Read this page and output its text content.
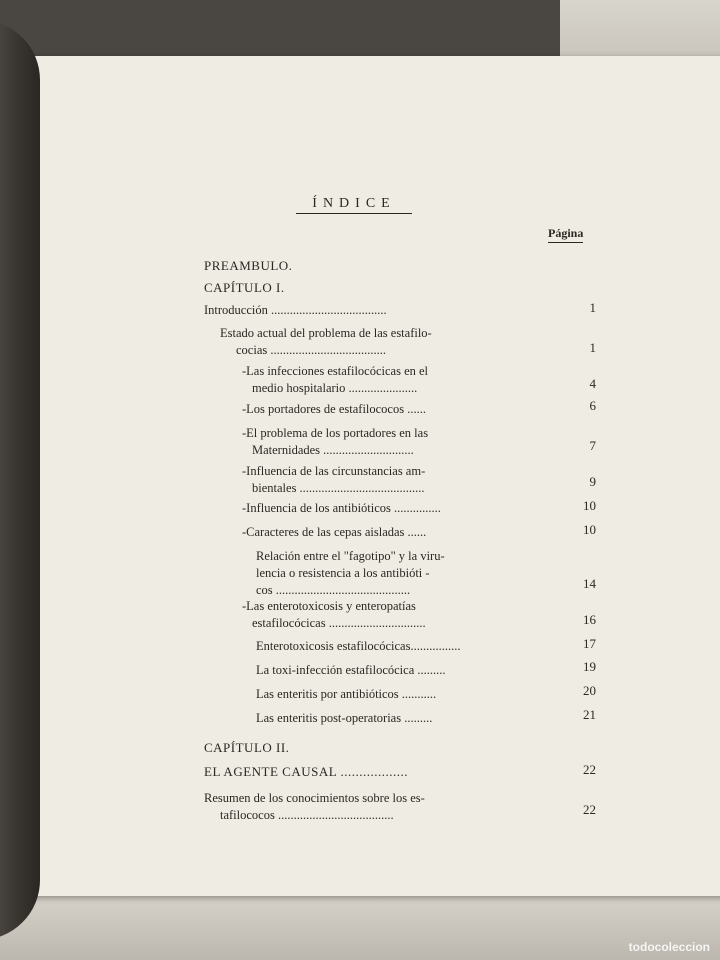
ÍNDICE
Página
PREAMBULO.
CAPÍTULO I.
Introducción .....................................	1
Estado actual del problema de las estafilo-
cocias .....................................	1
-Las infecciones estafilocócicas en el
medio hospitalario ......................	4
-Los portadores de estafilococos ......	6
-El problema de los portadores en las
Maternidades .............................	7
-Influencia de las circunstancias am-
bientales ........................................	9
-Influencia de los antibióticos ...............	10
-Caracteres de las cepas aisladas ......	10
Relación entre el "fagotipo" y la viru-
lencia o resistencia a los antibióti -
cos ...........................................	14
-Las enterotoxicosis y enteropatías
estafilocócicas ...............................	16
Enterotoxicosis estafilocócicas................	17
La toxi-infección estafilocócica .........	19
Las enteritis por antibióticos ...........	20
Las enteritis post-operatorias .........	21
CAPÍTULO II.
EL AGENTE CAUSAL ..................	22
Resumen de los conocimientos sobre los es-
tafilococos .....................................	22
todocoleccion
